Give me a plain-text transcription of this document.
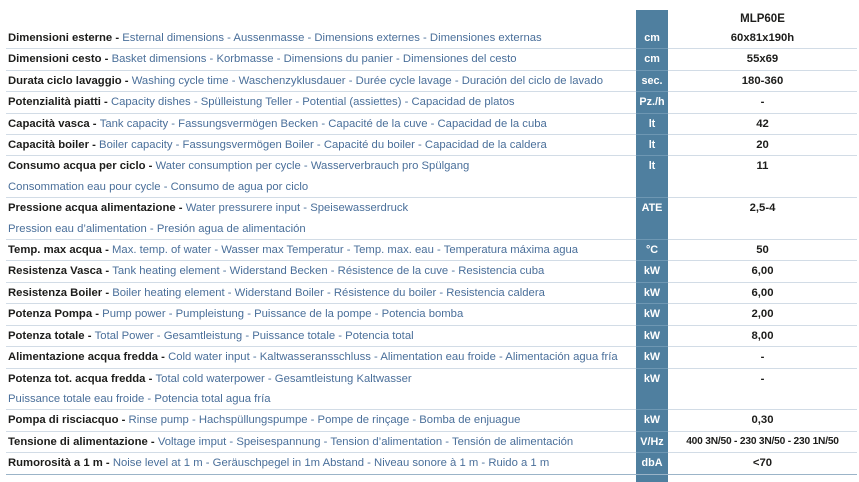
		MLP60E

Dimensioni esterne - Esternal dimensions - Aussenmasse - Dimensions externes - Dimensiones externas	cm	60x81x190h

Dimensioni cesto - Basket dimensions - Korbmasse - Dimensions du panier - Dimensiones del cesto	cm	55x69

Durata ciclo lavaggio - Washing cycle time - Waschenzyklusdauer - Durée cycle lavage - Duración del ciclo de lavado	sec.	180-360

Potenzialità piatti - Capacity dishes - Spülleistung Teller - Potential (assiettes) - Capacidad de platos	Pz./h	-

Capacità vasca - Tank capacity - Fassungsvermögen Becken - Capacité de la cuve - Capacidad de la cuba	lt	42

Capacità boiler - Boiler capacity - Fassungsvermögen Boiler - Capacité du boiler - Capacidad de la caldera	lt	20

Consumo acqua per ciclo - Water consumption per cycle - Wasserverbrauch pro Spülgang
Consommation eau pour cycle - Consumo de agua por ciclo	lt	11

Pressione acqua alimentazione - Water pressurere input - Speisewasserdruck
Pression eau d’alimentation - Presión agua de alimentación	ATE	2,5-4

Temp. max acqua - Max. temp. of water - Wasser max Temperatur - Temp. max. eau - Temperatura máxima agua	°C	50

Resistenza Vasca - Tank heating element - Widerstand Becken - Résistence de la cuve - Resistencia cuba	kW	6,00

Resistenza Boiler - Boiler heating element - Widerstand Boiler - Résistence du boiler - Resistencia caldera	kW	6,00

Potenza Pompa - Pump power - Pumpleistung - Puissance de la pompe - Potencia bomba	kW	2,00

Potenza totale - Total Power - Gesamtleistung - Puissance totale - Potencia total	kW	8,00

Alimentazione acqua fredda - Cold water input - Kaltwasseransschluss - Alimentation eau froide - Alimentación agua fría	kW	-

Potenza tot. acqua fredda - Total cold waterpower - Gesamtleistung Kaltwasser
Puissance totale eau froide - Potencia total agua fría	kW	-

Pompa di risciacquo - Rinse pump - Hachspüllungspumpe - Pompe de rinçage - Bomba de enjuague	kW	0,30

Tensione di alimentazione - Voltage imput - Speisespannung - Tension d’alimentation - Tensión de alimentación	V/Hz	400 3N/50 - 230 3N/50 - 230 1N/50

Rumorosità a 1 m - Noise level at 1 m - Geräuschpegel in 1m Abstand - Niveau sonore à 1 m - Ruido a 1 m	dbA	<70
